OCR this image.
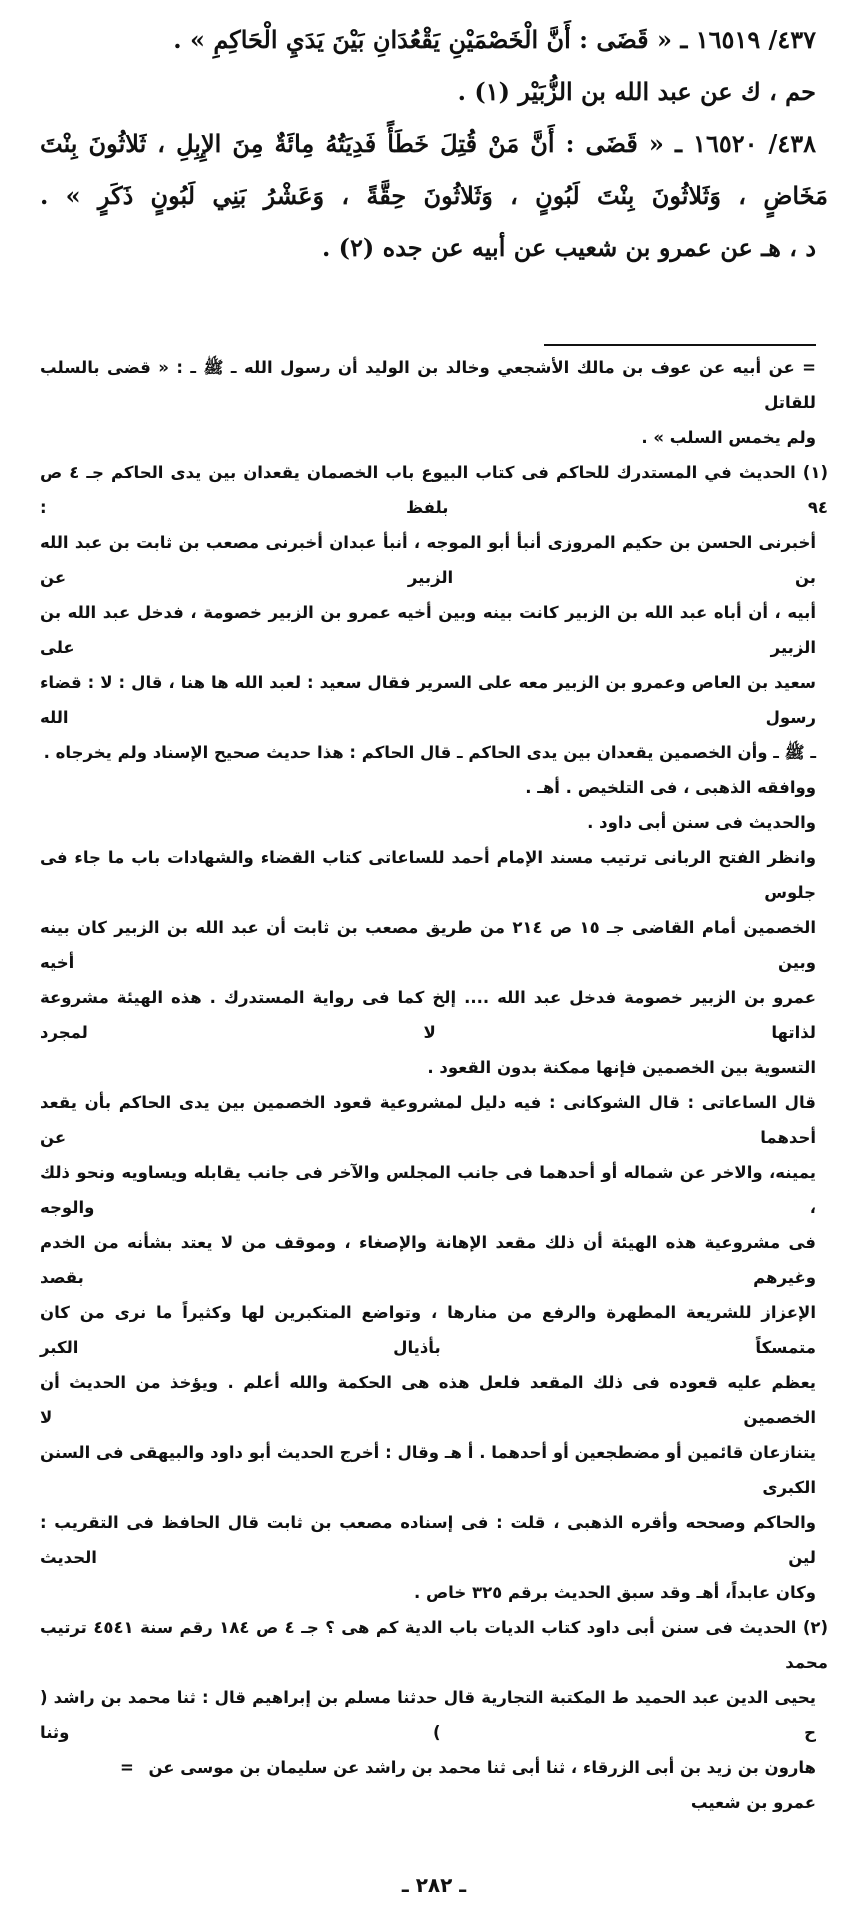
٤٣٧/ ١٦٥١٩ ـ « قَضَى : أَنَّ الْخَصْمَيْنِ يَقْعُدَانِ بَيْنَ يَدَيِ الْحَاكِمِ » .
حم ، ك عن عبد الله بن الزُّبَيْر (١) .
٤٣٨/ ١٦٥٢٠ ـ « قَضَى : أَنَّ مَنْ قُتِلَ خَطَأً فَدِيَتُهُ مِائَةٌ مِنَ الإِبِلِ ، ثَلاثُونَ بِنْتَ
مَخَاضٍ ، وَثَلاثُونَ بِنْتَ لَبُونٍ ، وَثَلاثُونَ حِقَّةً ، وَعَشْرُ بَنِي لَبُونٍ ذَكَرٍ » .
د ، هـ عن عمرو بن شعيب عن أبيه عن جده (٢) .
= عن أبيه عن عوف بن مالك الأشجعي وخالد بن الوليد أن رسول الله ـ ﷺ ـ : « قضى بالسلب للقاتل
ولم يخمس السلب » .
(١) الحديث في المستدرك للحاكم فى كتاب البيوع باب الخصمان يقعدان بين يدى الحاكم جـ ٤ ص ٩٤ بلفظ :
أخبرنى الحسن بن حكيم المروزى أنبأ أبو الموجه ، أنبأ عبدان أخبرنى مصعب بن ثابت بن عبد الله بن الزبير عن
أبيه ، أن أباه عبد الله بن الزبير كانت بينه وبين أخيه عمرو بن الزبير خصومة ، فدخل عبد الله بن الزبير على
سعيد بن العاص وعمرو بن الزبير معه على السرير فقال سعيد : لعبد الله ها هنا ، قال : لا : قضاء رسول الله
ـ ﷺ ـ وأن الخصمين يقعدان بين يدى الحاكم ـ قال الحاكم : هذا حديث صحيح الإسناد ولم يخرجاه .
ووافقه الذهبى ، فى التلخيص . أهـ .
والحديث فى سنن أبى داود .
وانظر الفتح الربانى ترتيب مسند الإمام أحمد للساعاتى كتاب القضاء والشهادات باب ما جاء فى جلوس
الخصمين أمام القاضى جـ ١٥ ص ٢١٤ من طريق مصعب بن ثابت أن عبد الله بن الزبير كان بينه وبين أخيه
عمرو بن الزبير خصومة فدخل عبد الله .... إلخ كما فى رواية المستدرك . هذه الهيئة مشروعة لذاتها لا لمجرد
التسوية بين الخصمين فإنها ممكنة بدون القعود .
قال الساعاتى : قال الشوكانى : فيه دليل لمشروعية قعود الخصمين بين يدى الحاكم بأن يقعد أحدهما عن
يمينه، والاخر عن شماله أو أحدهما فى جانب المجلس والآخر فى جانب يقابله ويساويه ونحو ذلك ، والوجه
فى مشروعية هذه الهيئة أن ذلك مقعد الإهانة والإصغاء ، وموقف من لا يعتد بشأنه من الخدم وغيرهم بقصد
الإعزاز للشريعة المطهرة والرفع من منارها ، وتواضع المتكبرين لها وكثيراً ما نرى من كان متمسكاً بأذيال الكبر
يعظم عليه قعوده فى ذلك المقعد فلعل هذه هى الحكمة والله أعلم . ويؤخذ من الحديث أن الخصمين لا
يتنازعان قائمين أو مضطجعين أو أحدهما . أ هـ وقال : أخرج الحديث أبو داود والبيهقى فى السنن الكبرى
والحاكم وصححه وأقره الذهبى ، قلت : فى إسناده مصعب بن ثابت قال الحافظ فى التقريب : لين الحديث
وكان عابداً، أهـ وقد سبق الحديث برقم ٣٢٥ خاص .
(٢) الحديث فى سنن أبى داود كتاب الديات باب الدية كم هى ؟ جـ ٤ ص ١٨٤ رقم سنة ٤٥٤١ ترتيب محمد
يحيى الدين عبد الحميد ط المكتبة التجارية قال حدثنا مسلم بن إبراهيم قال : ثنا محمد بن راشد ( ح ) وثنا
هارون بن زيد بن أبى الزرقاء ، ثنا أبى ثنا محمد بن راشد عن سليمان بن موسى عن عمرو بن شعيب
=
ـ ٢٨٢ ـ
